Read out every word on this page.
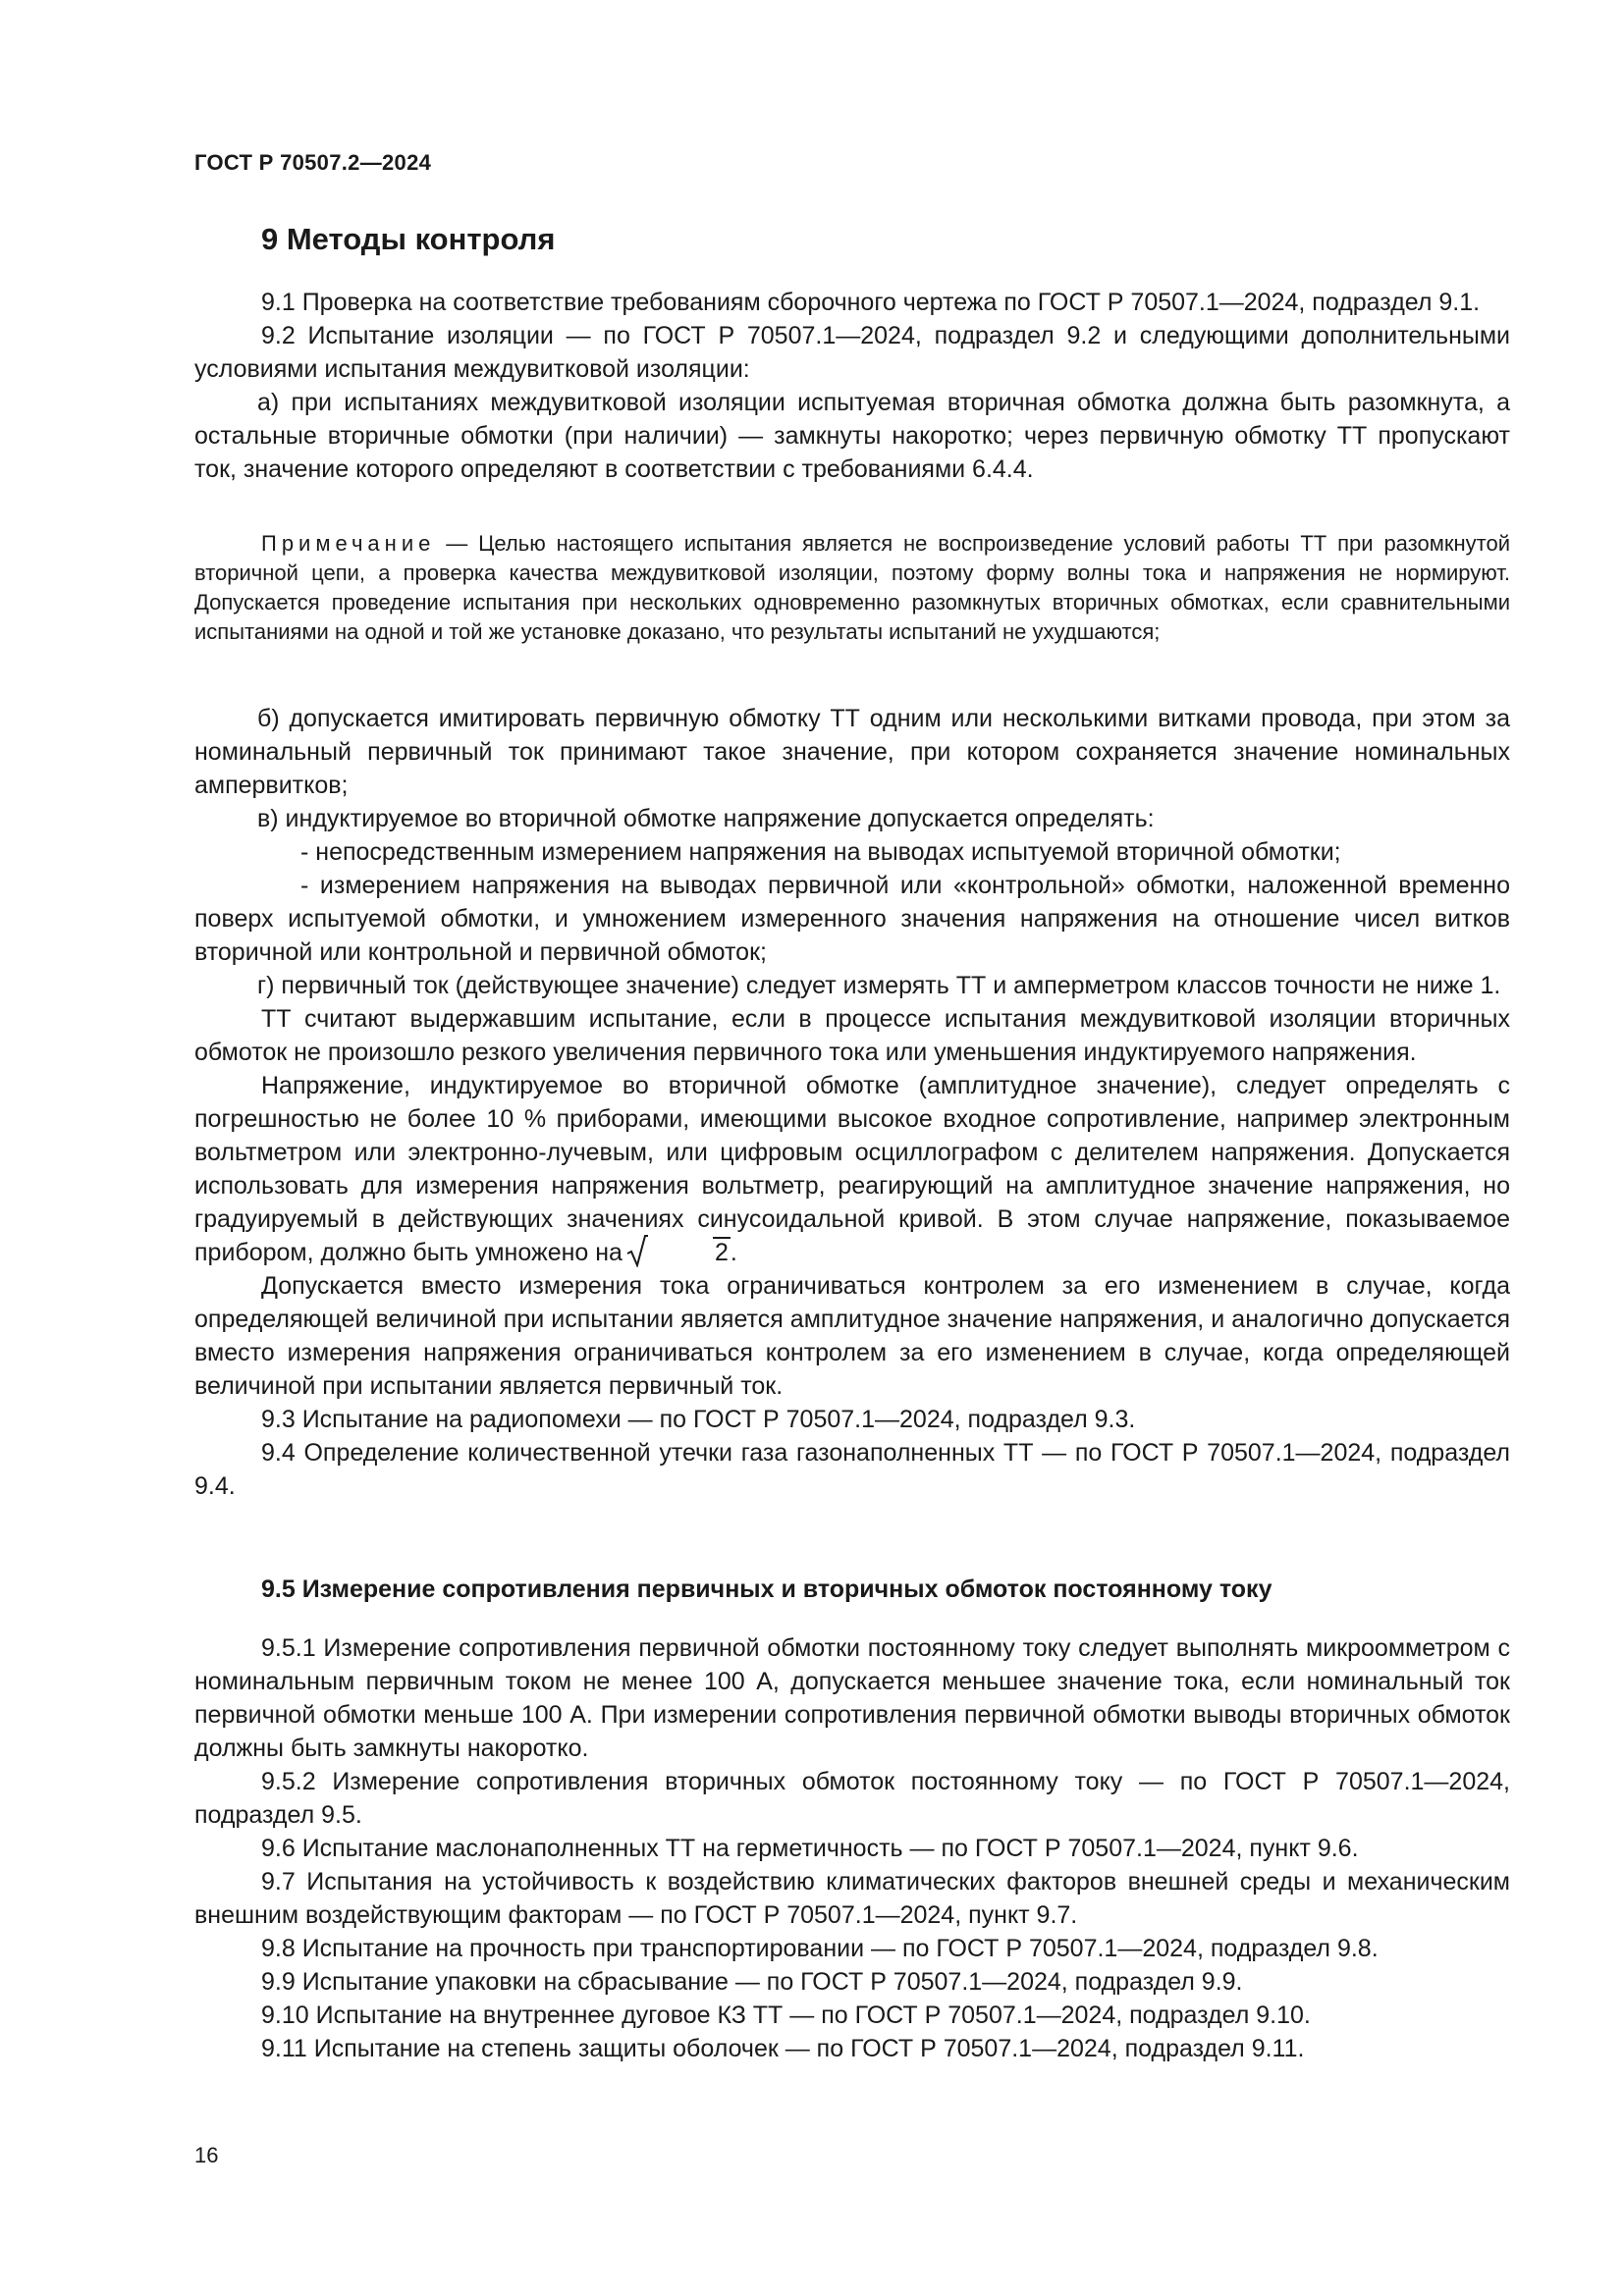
ГОСТ Р 70507.2—2024
9 Методы контроля

9.1 Проверка на соответствие требованиям сборочного чертежа по ГОСТ Р 70507.1—2024, подраздел 9.1.

9.2 Испытание изоляции — по ГОСТ Р 70507.1—2024, подраздел 9.2 и следующими дополнительными условиями испытания междувитковой изоляции:

а) при испытаниях междувитковой изоляции испытуемая вторичная обмотка должна быть разомкнута, а остальные вторичные обмотки (при наличии) — замкнуты накоротко; через первичную обмотку ТТ пропускают ток, значение которого определяют в соответствии с требованиями 6.4.4.

Примечание — Целью настоящего испытания является не воспроизведение условий работы ТТ при разомкнутой вторичной цепи, а проверка качества междувитковой изоляции, поэтому форму волны тока и напряжения не нормируют. Допускается проведение испытания при нескольких одновременно разомкнутых вторичных обмотках, если сравнительными испытаниями на одной и той же установке доказано, что результаты испытаний не ухудшаются;

б) допускается имитировать первичную обмотку ТТ одним или несколькими витками провода, при этом за номинальный первичный ток принимают такое значение, при котором сохраняется значение номинальных ампервитков;

в) индуктируемое во вторичной обмотке напряжение допускается определять:

- непосредственным измерением напряжения на выводах испытуемой вторичной обмотки;

- измерением напряжения на выводах первичной или «контрольной» обмотки, наложенной временно поверх испытуемой обмотки, и умножением измеренного значения напряжения на отношение чисел витков вторичной или контрольной и первичной обмоток;

г) первичный ток (действующее значение) следует измерять ТТ и амперметром классов точности не ниже 1.

ТТ считают выдержавшим испытание, если в процессе испытания междувитковой изоляции вторичных обмоток не произошло резкого увеличения первичного тока или уменьшения индуктируемого напряжения.

Напряжение, индуктируемое во вторичной обмотке (амплитудное значение), следует определять с погрешностью не более 10 % приборами, имеющими высокое входное сопротивление, например электронным вольтметром или электронно-лучевым, или цифровым осциллографом с делителем напряжения. Допускается использовать для измерения напряжения вольтметр, реагирующий на амплитудное значение напряжения, но градуируемый в действующих значениях синусоидальной кривой. В этом случае напряжение, показываемое прибором, должно быть умножено на	2.

Допускается вместо измерения тока ограничиваться контролем за его изменением в случае, когда определяющей величиной при испытании является амплитудное значение напряжения, и аналогично допускается вместо измерения напряжения ограничиваться контролем за его изменением в случае, когда определяющей величиной при испытании является первичный ток.

9.3 Испытание на радиопомехи — по ГОСТ Р 70507.1—2024, подраздел 9.3.

9.4 Определение количественной утечки газа газонаполненных ТТ — по ГОСТ Р 70507.1—2024, подраздел 9.4.

9.5 Измерение сопротивления первичных и вторичных обмоток постоянному току

9.5.1 Измерение сопротивления первичной обмотки постоянному току следует выполнять микроомметром с номинальным первичным током не менее 100 А, допускается меньшее значение тока, если номинальный ток первичной обмотки меньше 100 А. При измерении сопротивления первичной обмотки выводы вторичных обмоток должны быть замкнуты накоротко.

9.5.2 Измерение сопротивления вторичных обмоток постоянному току — по ГОСТ Р 70507.1—2024, подраздел 9.5.

9.6 Испытание маслонаполненных ТТ на герметичность — по ГОСТ Р 70507.1—2024, пункт 9.6.

9.7 Испытания на устойчивость к воздействию климатических факторов внешней среды и механическим внешним воздействующим факторам — по ГОСТ Р 70507.1—2024, пункт 9.7.

9.8 Испытание на прочность при транспортировании — по ГОСТ Р 70507.1—2024, подраздел 9.8.

9.9 Испытание упаковки на сбрасывание — по ГОСТ Р 70507.1—2024, подраздел 9.9.

9.10 Испытание на внутреннее дуговое КЗ ТТ — по ГОСТ Р 70507.1—2024, подраздел 9.10.

9.11 Испытание на степень защиты оболочек — по ГОСТ Р 70507.1—2024, подраздел 9.11.

16
